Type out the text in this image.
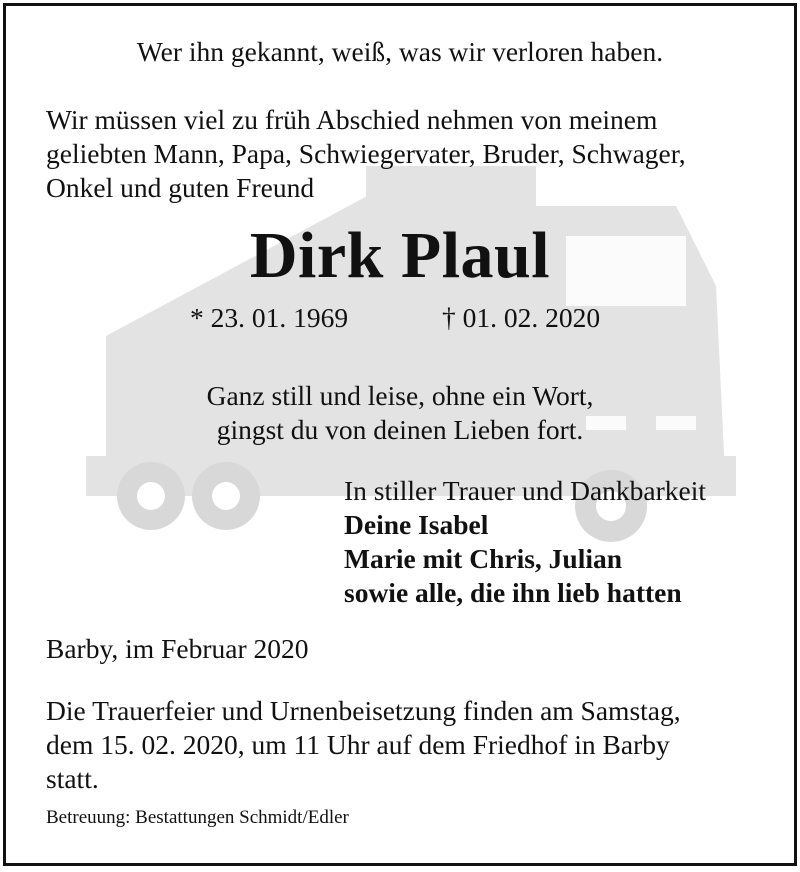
Wer ihn gekannt, weiß, was wir verloren haben.
Wir müssen viel zu früh Abschied nehmen von meinem
geliebten Mann, Papa, Schwiegervater, Bruder, Schwager,
Onkel und guten Freund
Dirk Plaul
* 23. 01. 1969	† 01. 02. 2020
Ganz still und leise, ohne ein Wort,
gingst du von deinen Lieben fort.
In stiller Trauer und Dankbarkeit
Deine Isabel
Marie mit Chris, Julian
sowie alle, die ihn lieb hatten
Barby, im Februar 2020
Die Trauerfeier und Urnenbeisetzung finden am Samstag,
dem 15. 02. 2020, um 11 Uhr auf dem Friedhof in Barby
statt.
Betreuung: Bestattungen Schmidt/Edler
